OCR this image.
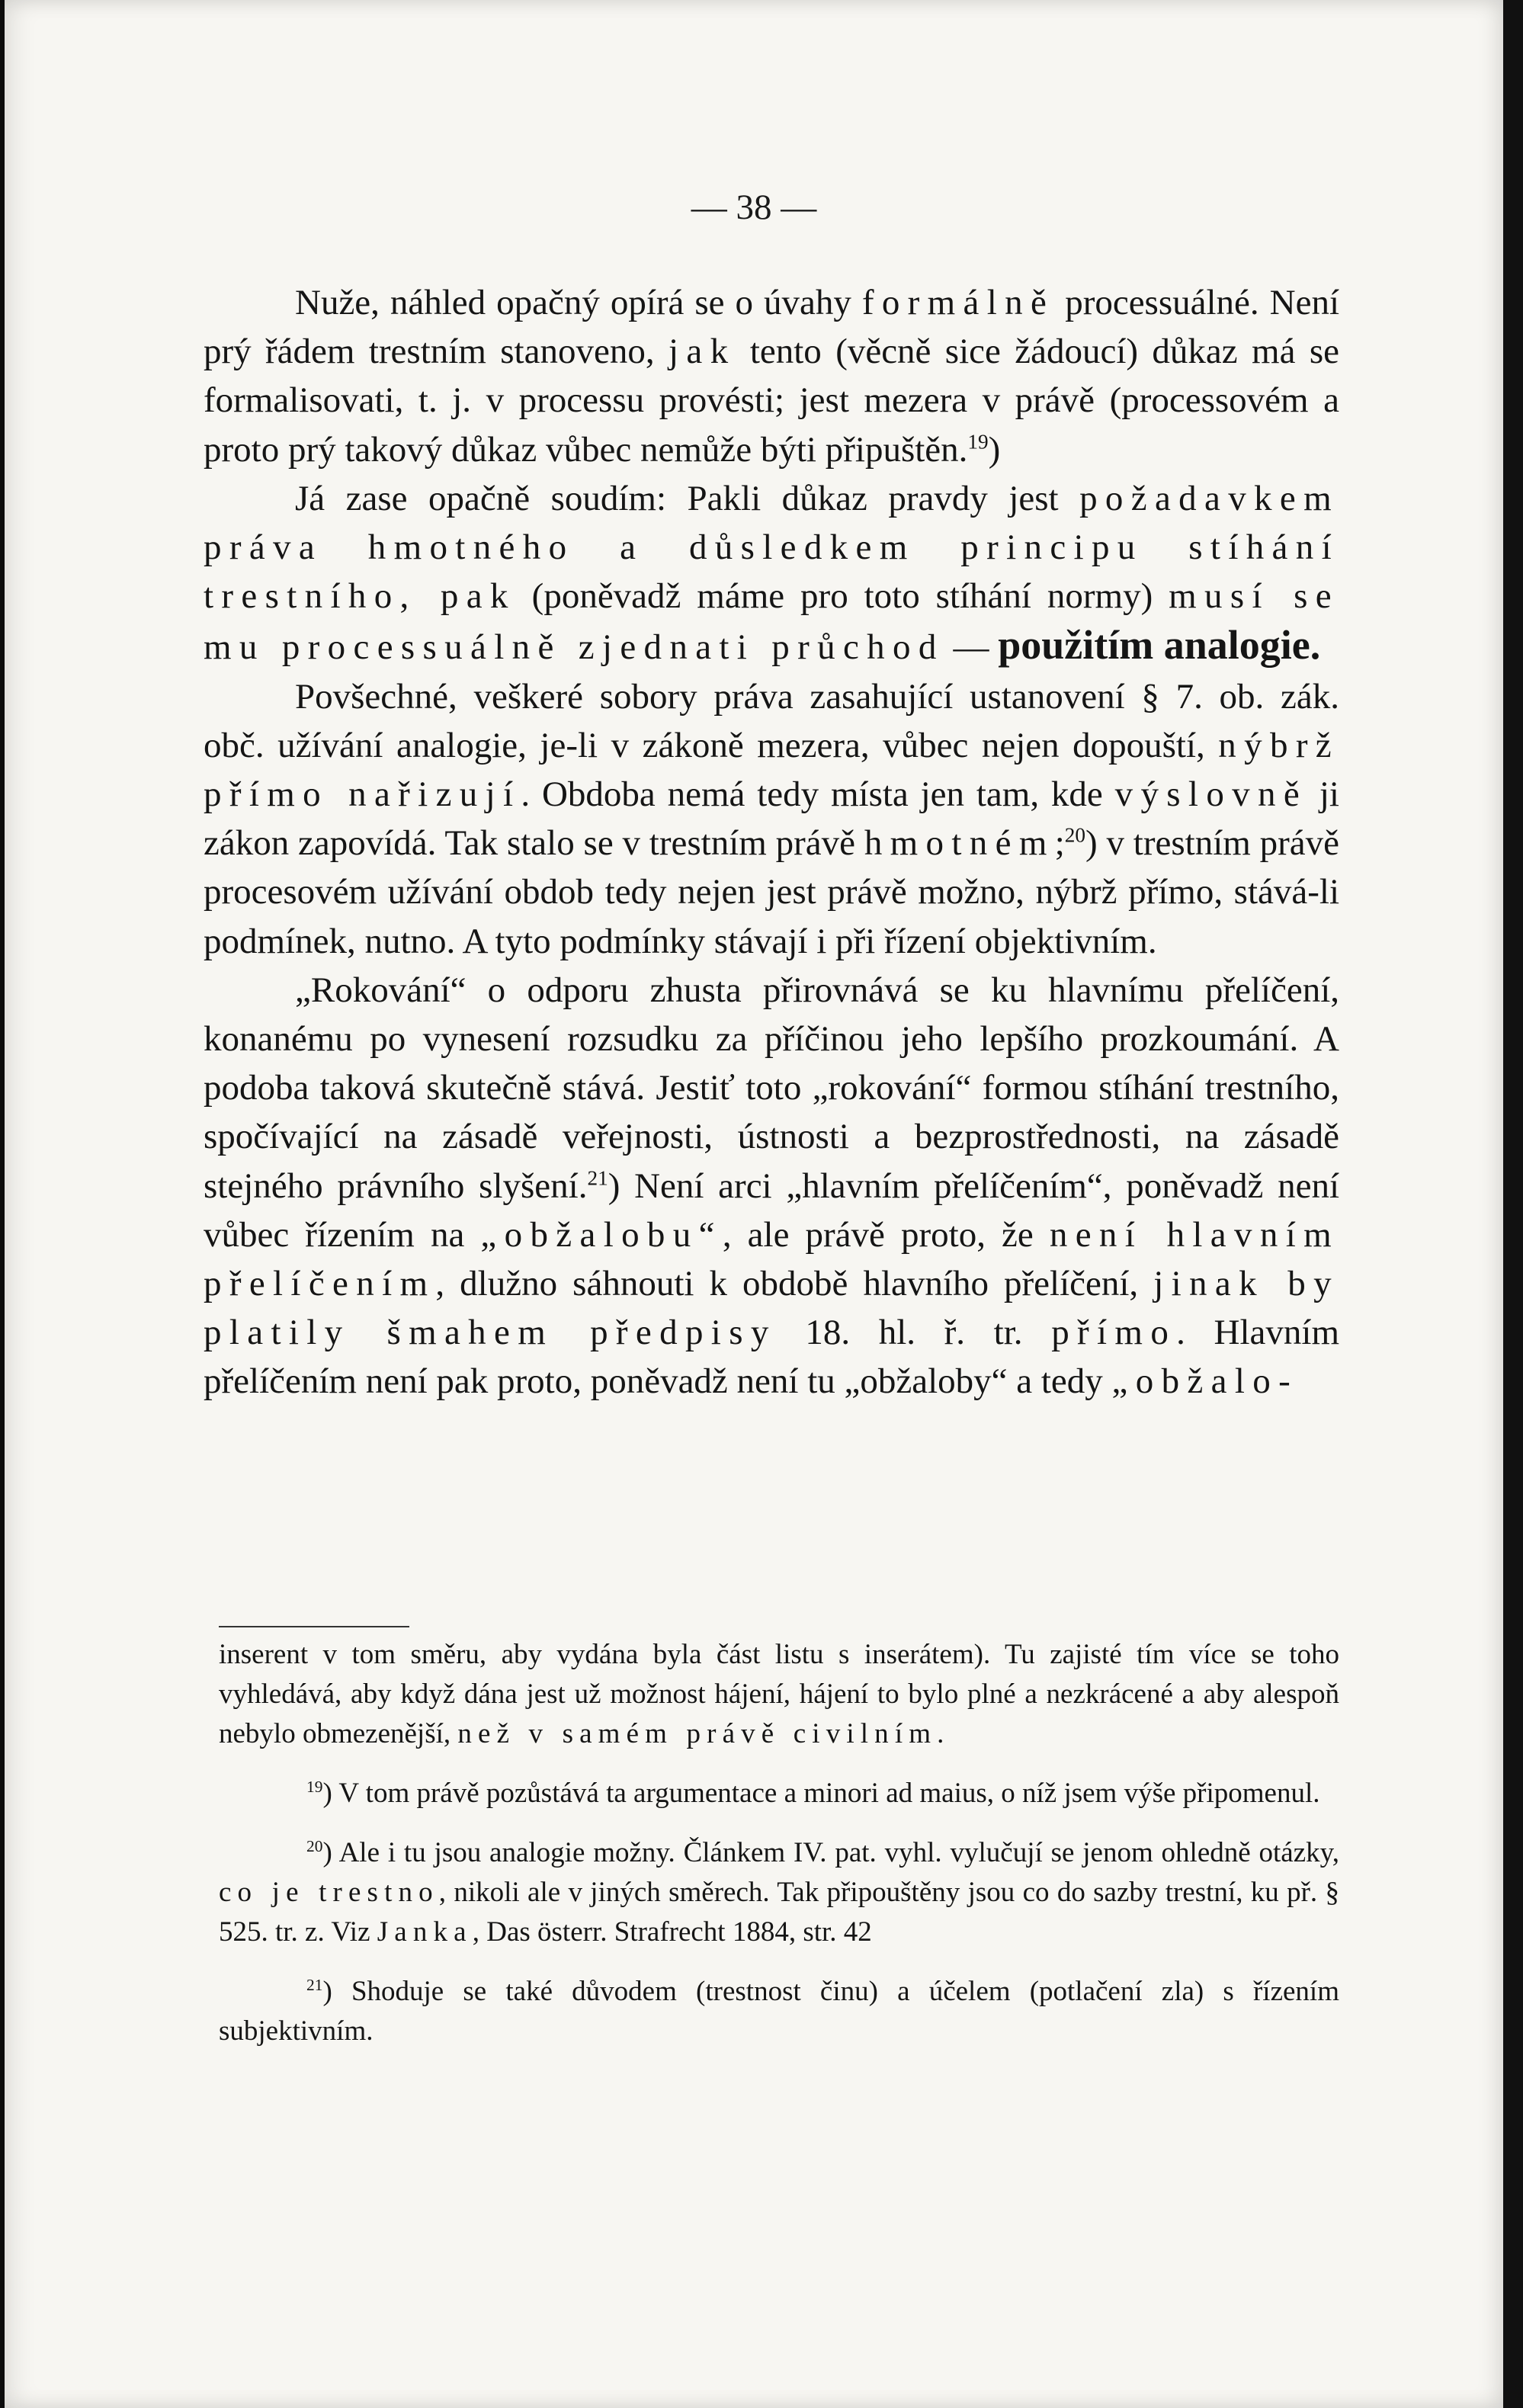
— 38 —

Nuže, náhled opačný opírá se o úvahy formálně processuálné. Není prý řádem trestním stanoveno, jak tento (věcně sice žádoucí) důkaz má se formalisovati, t. j. v processu provésti; jest mezera v právě (processovém a proto prý takový důkaz vůbec nemůže býti připuštěn.$^{19}$)

Já zase opačně soudím: Pakli důkaz pravdy jest požadavkem práva hmotného a důsledkem principu stíhání trestního, pak (poněvadž máme pro toto stíhání normy) musí se mu processuálně zjednati průchod — použitím analogie.

Povšechné, veškeré sobory práva zasahující ustanovení § 7. ob. zák. obč. užívání analogie, je-li v zákoně mezera, vůbec nejen dopouští, nýbrž přímo nařizují. Obdoba nemá tedy místa jen tam, kde výslovně ji zákon zapovídá. Tak stalo se v trestním právě hmotném;$^{20}$) v trestním právě procesovém užívání obdob tedy nejen jest právě možno, nýbrž přímo, stává-li podmínek, nutno. A tyto podmínky stávají i při řízení objektivním.

„Rokování“ o odporu zhusta přirovnává se ku hlavnímu přelíčení, konanému po vynesení rozsudku za příčinou jeho lepšího prozkoumání. A podoba taková skutečně stává. Jestiť toto „rokování“ formou stíhání trestního, spočívající na zásadě veřejnosti, ústnosti a bezprostřednosti, na zásadě stejného právního slyšení.$^{21}$) Není arci „hlavním přelíčením“, poněvadž není vůbec řízením na „obžalobu“, ale právě proto, že není hlavním přelíčením, dlužno sáhnouti k obdobě hlavního přelíčení, jinak by platily šmahem předpisy 18. hl. ř. tr. přímo. Hlavním přelíčením není pak proto, poněvadž není tu „obžaloby“ a tedy „obžalo-

inserent v tom směru, aby vydána byla část listu s inserátem). Tu zajisté tím více se toho vyhledává, aby když dána jest už možnost hájení, hájení to bylo plné a nezkrácené a aby alespoň nebylo obmezenější, než v samém právě civilním.

$^{19}$) V tom právě pozůstává ta argumentace a minori ad maius, o níž jsem výše připomenul.

$^{20}$) Ale i tu jsou analogie možny. Článkem IV. pat. vyhl. vylučují se jenom ohledně otázky, co je trestno, nikoli ale v jiných směrech. Tak připouštěny jsou co do sazby trestní, ku př. § 525. tr. z. Viz Janka, Das österr. Strafrecht 1884, str. 42

$^{21}$) Shoduje se také důvodem (trestnost činu) a účelem (potlačení zla) s řízením subjektivním.
